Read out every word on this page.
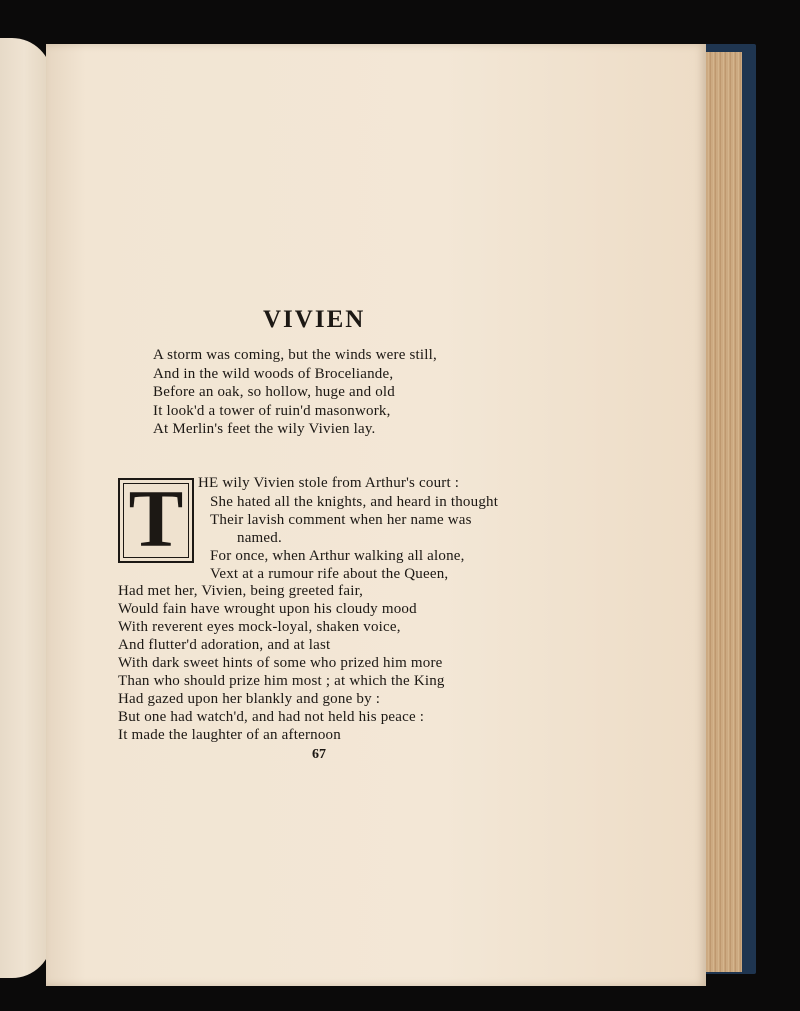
VIVIEN
A storm was coming, but the winds were still,
And in the wild woods of Broceliande,
Before an oak, so hollow, huge and old
It look'd a tower of ruin'd masonwork,
At Merlin's feet the wily Vivien lay.
T HE wily Vivien stole from Arthur's court :
She hated all the knights, and heard in thought
Their lavish comment when her name was
named.
For once, when Arthur walking all alone,
Vext at a rumour rife about the Queen,
Had met her, Vivien, being greeted fair,
Would fain have wrought upon his cloudy mood
With reverent eyes mock-loyal, shaken voice,
And flutter'd adoration, and at last
With dark sweet hints of some who prized him more
Than who should prize him most ; at which the King
Had gazed upon her blankly and gone by :
But one had watch'd, and had not held his peace :
It made the laughter of an afternoon
67
